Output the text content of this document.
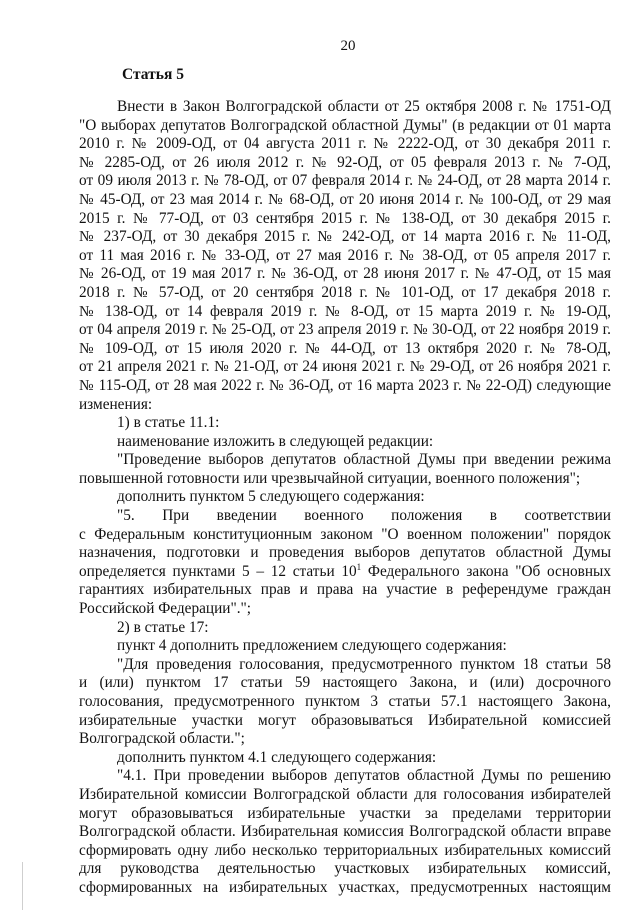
20
Статья 5
Внести в Закон Волгоградской области от 25 октября 2008 г. № 1751-ОД
"О выборах депутатов Волгоградской областной Думы" (в редакции от 01 марта
2010 г. № 2009-ОД, от 04 августа 2011 г. № 2222-ОД, от 30 декабря 2011 г.
№ 2285-ОД, от 26 июля 2012 г. № 92-ОД, от 05 февраля 2013 г. № 7-ОД,
от 09 июля 2013 г. № 78-ОД, от 07 февраля 2014 г. № 24-ОД, от 28 марта 2014 г.
№ 45-ОД, от 23 мая 2014 г. № 68-ОД, от 20 июня 2014 г. № 100-ОД, от 29 мая
2015 г. № 77-ОД, от 03 сентября 2015 г. № 138-ОД, от 30 декабря 2015 г.
№ 237-ОД, от 30 декабря 2015 г. № 242-ОД, от 14 марта 2016 г. № 11-ОД,
от 11 мая 2016 г. № 33-ОД, от 27 мая 2016 г. № 38-ОД, от 05 апреля 2017 г.
№ 26-ОД, от 19 мая 2017 г. № 36-ОД, от 28 июня 2017 г. № 47-ОД, от 15 мая
2018 г. № 57-ОД, от 20 сентября 2018 г. № 101-ОД, от 17 декабря 2018 г.
№ 138-ОД, от 14 февраля 2019 г. № 8-ОД, от 15 марта 2019 г. № 19-ОД,
от 04 апреля 2019 г. № 25-ОД, от 23 апреля 2019 г. № 30-ОД, от 22 ноября 2019 г.
№ 109-ОД, от 15 июля 2020 г. № 44-ОД, от 13 октября 2020 г. № 78-ОД,
от 21 апреля 2021 г. № 21-ОД, от 24 июня 2021 г. № 29-ОД, от 26 ноября 2021 г.
№ 115-ОД, от 28 мая 2022 г. № 36-ОД, от 16 марта 2023 г. № 22-ОД) следующие
изменения:
1) в статье 11.1:
наименование изложить в следующей редакции:
"Проведение выборов депутатов областной Думы при введении режима
повышенной готовности или чрезвычайной ситуации, военного положения";
дополнить пунктом 5 следующего содержания:
"5. При введении военного положения в соответствии
с Федеральным конституционным законом "О военном положении" порядок
назначения, подготовки и проведения выборов депутатов областной Думы
определяется пунктами 5 – 12 статьи $10^1$ Федерального закона "Об основных
гарантиях избирательных прав и права на участие в референдуме граждан
Российской Федерации".";
2) в статье 17:
пункт 4 дополнить предложением следующего содержания:
"Для проведения голосования, предусмотренного пунктом 18 статьи 58
и (или) пунктом 17 статьи 59 настоящего Закона, и (или) досрочного
голосования, предусмотренного пунктом 3 статьи 57.1 настоящего Закона,
избирательные участки могут образовываться Избирательной комиссией
Волгоградской области.";
дополнить пунктом 4.1 следующего содержания:
"4.1. При проведении выборов депутатов областной Думы по решению
Избирательной комиссии Волгоградской области для голосования избирателей
могут образовываться избирательные участки за пределами территории
Волгоградской области. Избирательная комиссия Волгоградской области вправе
сформировать одну либо несколько территориальных избирательных комиссий
для руководства деятельностью участковых избирательных комиссий,
сформированных на избирательных участках, предусмотренных настоящим
